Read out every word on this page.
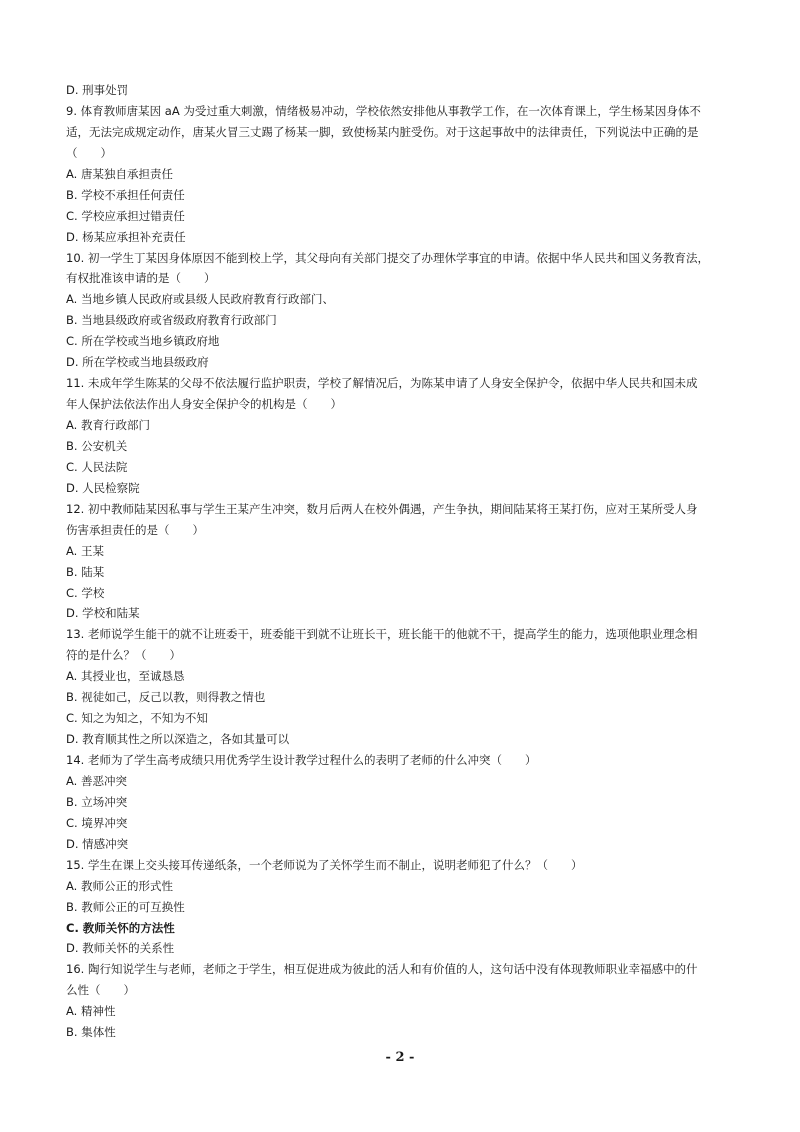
D. 刑事处罚
9. 体育教师唐某因 aA 为受过重大刺激，情绪极易冲动，学校依然安排他从事教学工作，在一次体育课上，学生杨某因身体不
适，无法完成规定动作，唐某火冒三丈踢了杨某一脚，致使杨某内脏受伤。对于这起事故中的法律责任，下列说法中正确的是
（　　）
A. 唐某独自承担责任
B. 学校不承担任何责任
C. 学校应承担过错责任
D. 杨某应承担补充责任
10. 初一学生丁某因身体原因不能到校上学，其父母向有关部门提交了办理休学事宜的申请。依据中华人民共和国义务教育法，
有权批准该申请的是（　　）
A. 当地乡镇人民政府或县级人民政府教育行政部门、
B. 当地县级政府或省级政府教育行政部门
C. 所在学校或当地乡镇政府地
D. 所在学校或当地县级政府
11. 未成年学生陈某的父母不依法履行监护职责，学校了解情况后，为陈某申请了人身安全保护令，依据中华人民共和国未成
年人保护法依法作出人身安全保护令的机构是（　　）
A. 教育行政部门
B. 公安机关
C. 人民法院
D. 人民检察院
12. 初中教师陆某因私事与学生王某产生冲突，数月后两人在校外偶遇，产生争执，期间陆某将王某打伤，应对王某所受人身
伤害承担责任的是（　　）
A. 王某
B. 陆某
C. 学校
D. 学校和陆某
13. 老师说学生能干的就不让班委干，班委能干到就不让班长干，班长能干的他就不干，提高学生的能力，选项他职业理念相
符的是什么？（　　）
A. 其授业也，至诚恳恳
B. 视徒如己，反己以教，则得教之情也
C. 知之为知之，不知为不知
D. 教育顺其性之所以深造之，各如其量可以
14. 老师为了学生高考成绩只用优秀学生设计教学过程什么的表明了老师的什么冲突（　　）
A. 善恶冲突
B. 立场冲突
C. 境界冲突
D. 情感冲突
15. 学生在课上交头接耳传递纸条，一个老师说为了关怀学生而不制止，说明老师犯了什么？（　　）
A. 教师公正的形式性
B. 教师公正的可互换性
C. 教师关怀的方法性
D. 教师关怀的关系性
16. 陶行知说学生与老师，老师之于学生，相互促进成为彼此的活人和有价值的人，这句话中没有体现教师职业幸福感中的什
么性（　　）
A. 精神性
B. 集体性
- 2 -
